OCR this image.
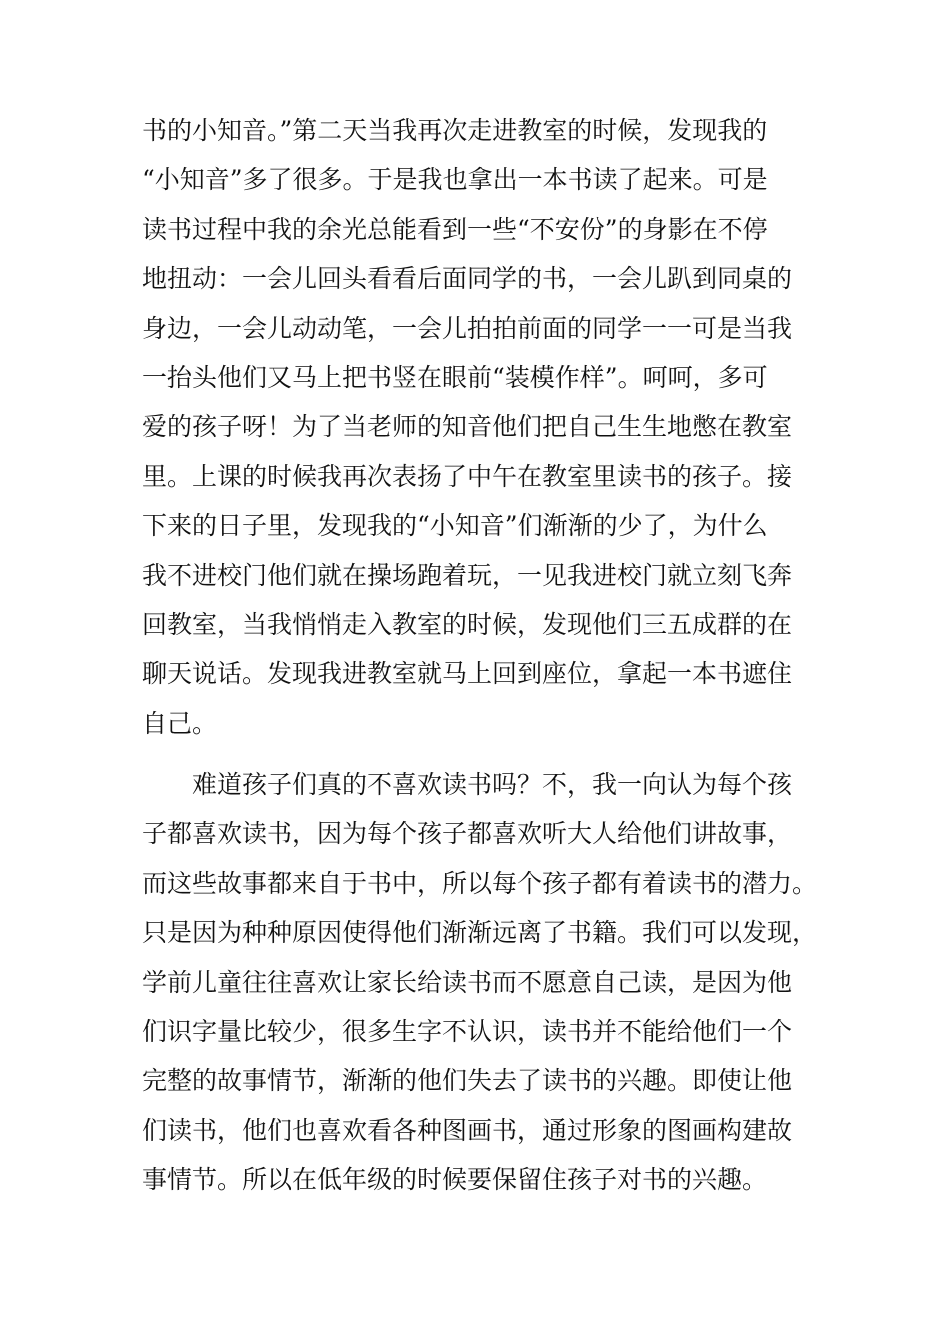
书的小知音。”第二天当我再次走进教室的时候，发现我的
“小知音”多了很多。于是我也拿出一本书读了起来。可是
读书过程中我的余光总能看到一些“不安份”的身影在不停
地扭动：一会儿回头看看后面同学的书，一会儿趴到同桌的
身边，一会儿动动笔，一会儿拍拍前面的同学一一可是当我
一抬头他们又马上把书竖在眼前“装模作样”。呵呵，多可
爱的孩子呀！为了当老师的知音他们把自己生生地憋在教室
里。上课的时候我再次表扬了中午在教室里读书的孩子。接
下来的日子里，发现我的“小知音”们渐渐的少了，为什么
我不进校门他们就在操场跑着玩，一见我进校门就立刻飞奔
回教室，当我悄悄走入教室的时候，发现他们三五成群的在
聊天说话。发现我进教室就马上回到座位，拿起一本书遮住
自己。
难道孩子们真的不喜欢读书吗？不，我一向认为每个孩
子都喜欢读书，因为每个孩子都喜欢听大人给他们讲故事，
而这些故事都来自于书中，所以每个孩子都有着读书的潜力。
只是因为种种原因使得他们渐渐远离了书籍。我们可以发现，
学前儿童往往喜欢让家长给读书而不愿意自己读，是因为他
们识字量比较少，很多生字不认识，读书并不能给他们一个
完整的故事情节，渐渐的他们失去了读书的兴趣。即使让他
们读书，他们也喜欢看各种图画书，通过形象的图画构建故
事情节。所以在低年级的时候要保留住孩子对书的兴趣。
